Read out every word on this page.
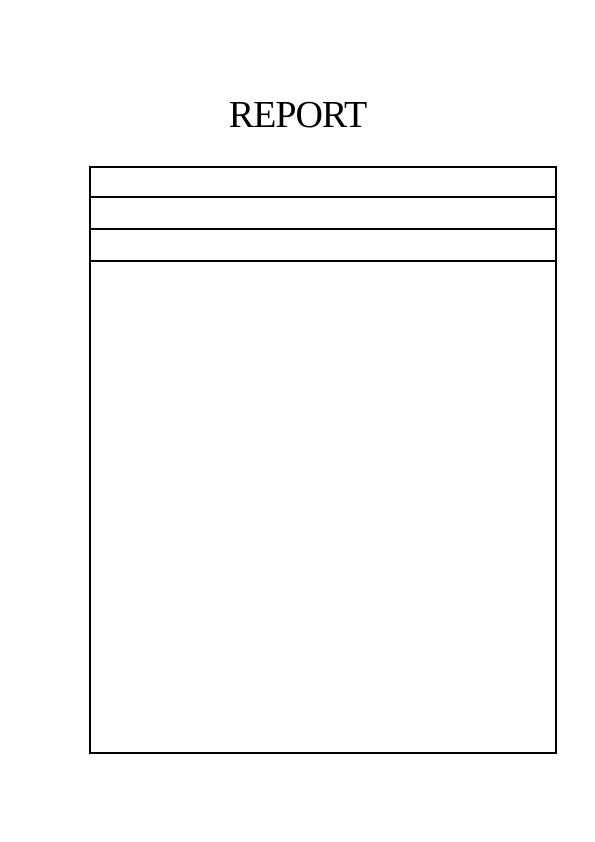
REPORT
